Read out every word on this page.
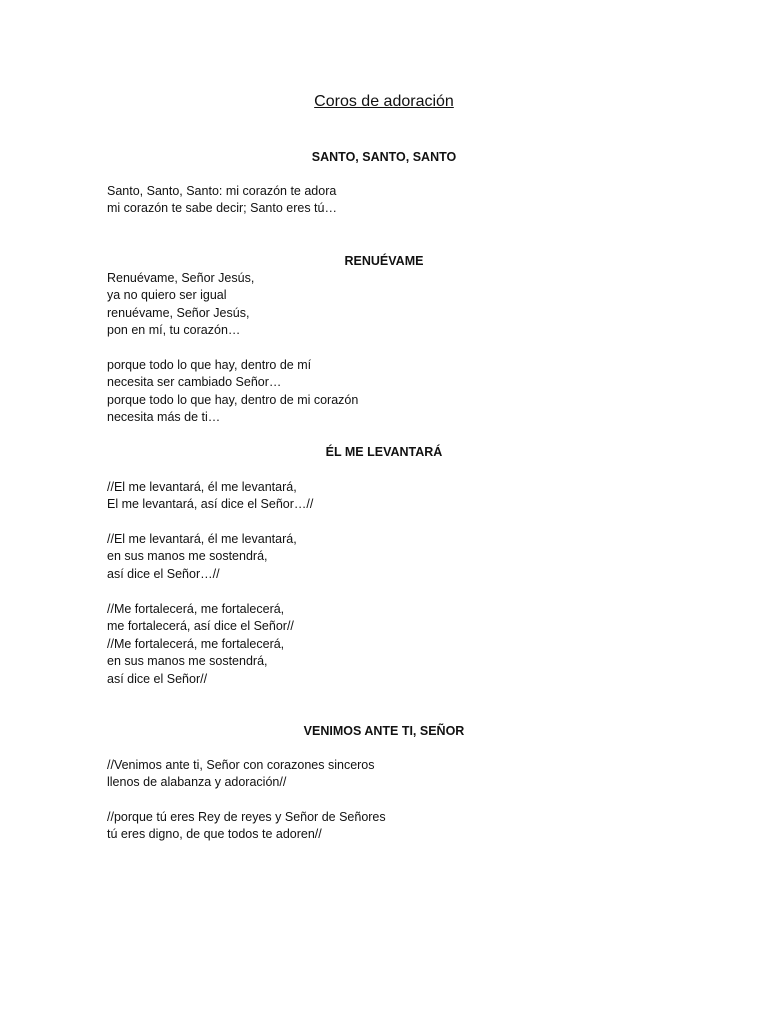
Coros de adoración
SANTO, SANTO, SANTO
Santo, Santo, Santo: mi corazón te adora
mi corazón te sabe decir; Santo eres tú…
RENUÉVAME
Renuévame, Señor Jesús,
ya no quiero ser igual
renuévame, Señor Jesús,
pon en mí, tu corazón…
porque todo lo que hay, dentro de mí
necesita ser cambiado Señor…
porque todo lo que hay, dentro de mi corazón
necesita más de ti…
ÉL ME LEVANTARÁ
//El me levantará, él me levantará,
El me levantará, así dice el Señor…//
//El me levantará, él me levantará,
en sus manos me sostendrá,
así dice el Señor…//
//Me fortalecerá, me fortalecerá,
me fortalecerá, así dice el Señor//
//Me fortalecerá, me fortalecerá,
en sus manos me sostendrá,
así dice el Señor//
VENIMOS ANTE TI, SEÑOR
//Venimos ante ti, Señor con corazones sinceros
llenos de alabanza y adoración//
//porque tú eres Rey de reyes y Señor de Señores
tú eres digno, de que todos te adoren//
